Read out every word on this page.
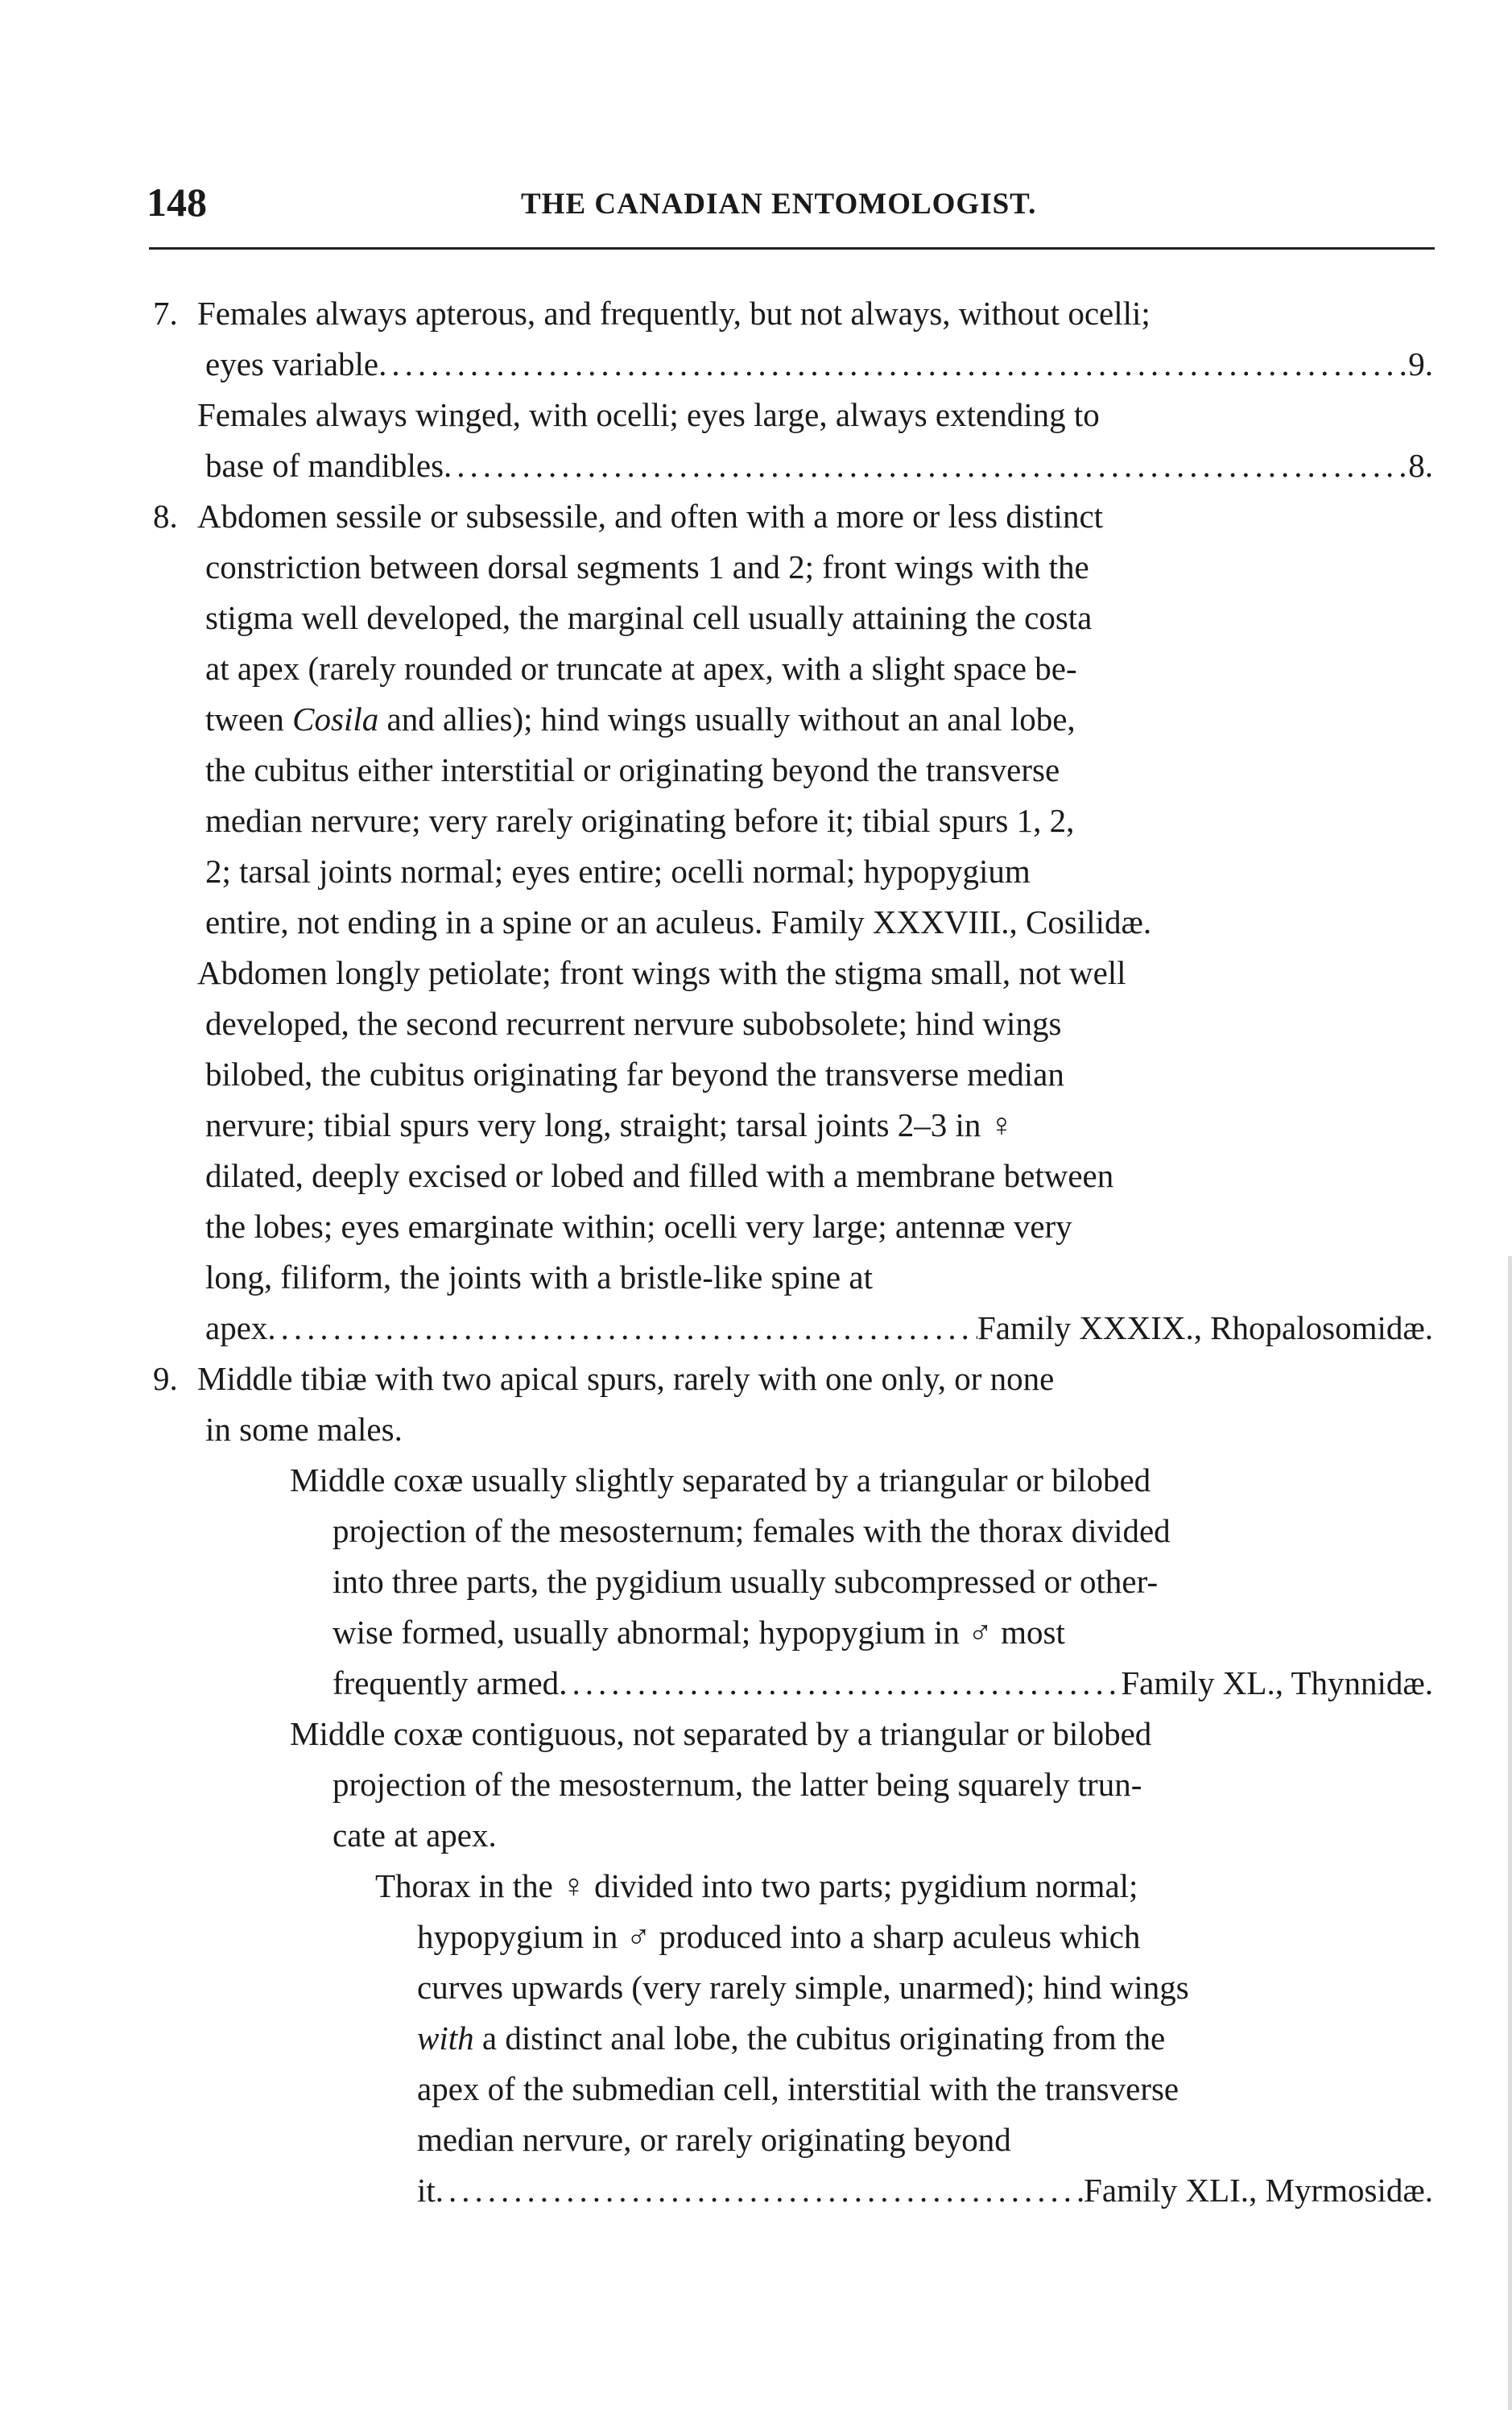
148	THE CANADIAN ENTOMOLOGIST.
7. Females always apterous, and frequently, but not always, without ocelli;
eyes variable .....	9.
Females always winged, with ocelli; eyes large, always extending to
base of mandibles .....	8.
8. Abdomen sessile or subsessile, and often with a more or less distinct
constriction between dorsal segments 1 and 2; front wings with the
stigma well developed, the marginal cell usually attaining the costa
at apex (rarely rounded or truncate at apex, with a slight space be-
tween Cosila and allies); hind wings usually without an anal lobe,
the cubitus either interstitial or originating beyond the transverse
median nervure; very rarely originating before it; tibial spurs 1, 2,
2; tarsal joints normal; eyes entire; ocelli normal; hypopygium
entire, not ending in a spine or an aculeus. Family XXXVIII., Cosilidæ.
Abdomen longly petiolate; front wings with the stigma small, not well
developed, the second recurrent nervure subobsolete; hind wings
bilobed, the cubitus originating far beyond the transverse median
nervure; tibial spurs very long, straight; tarsal joints 2–3 in ♀
dilated, deeply excised or lobed and filled with a membrane between
the lobes; eyes emarginate within; ocelli very large; antennæ very
long, filiform, the joints with a bristle-like spine at
apex .....	Family XXXIX., Rhopalosomidæ.
9. Middle tibiæ with two apical spurs, rarely with one only, or none
in some males.
Middle coxæ usually slightly separated by a triangular or bilobed
projection of the mesosternum; females with the thorax divided
into three parts, the pygidium usually subcompressed or other-
wise formed, usually abnormal; hypopygium in ♂ most
frequently armed .....	Family XL., Thynnidæ.
Middle coxæ contiguous, not separated by a triangular or bilobed
projection of the mesosternum, the latter being squarely trun-
cate at apex.
Thorax in the ♀ divided into two parts; pygidium normal;
hypopygium in ♂ produced into a sharp aculeus which
curves upwards (very rarely simple, unarmed); hind wings
with a distinct anal lobe, the cubitus originating from the
apex of the submedian cell, interstitial with the transverse
median nervure, or rarely originating beyond
it .....	Family XLI., Myrmosidæ.
